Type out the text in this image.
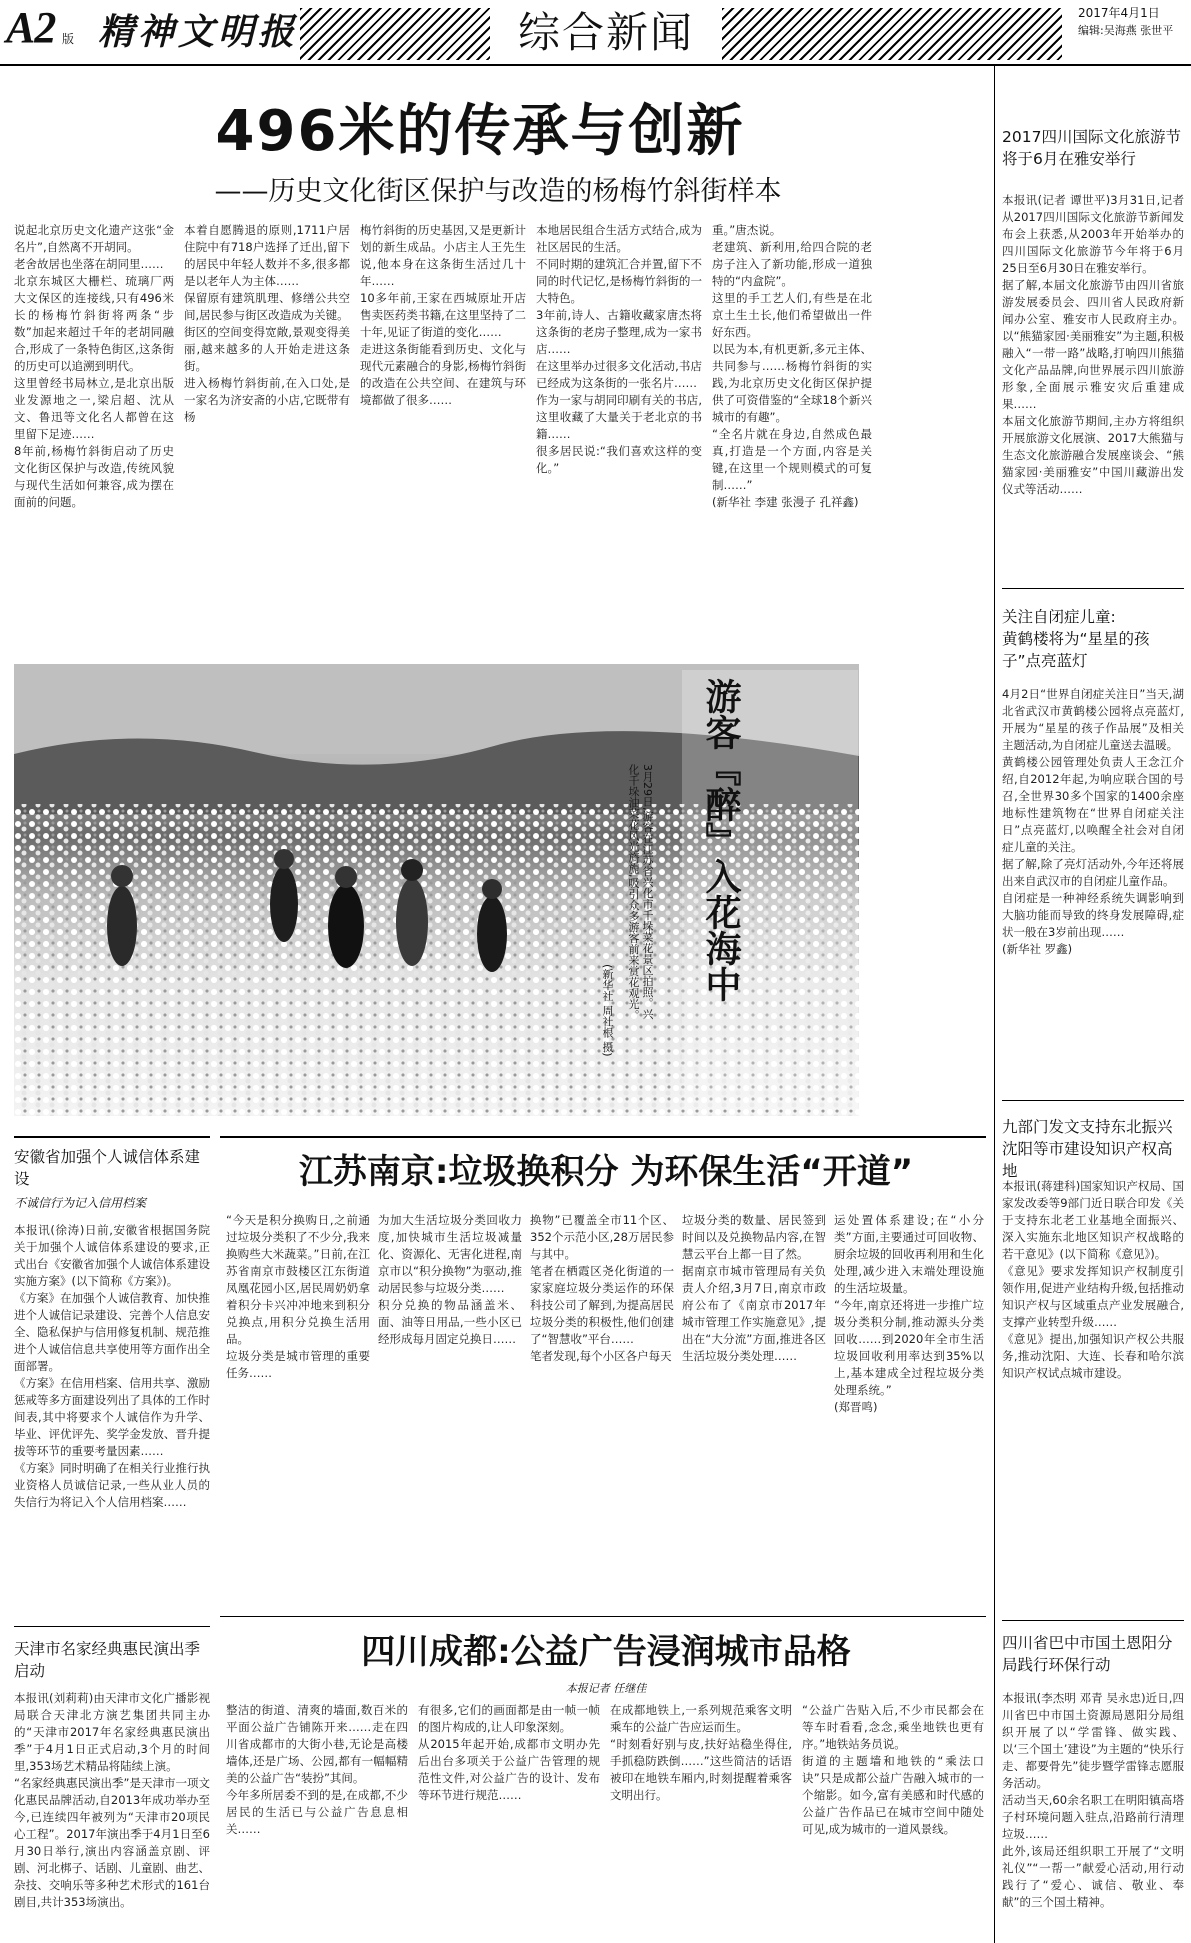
A2 版 精神文明报	综合新闻	2017年4月1日
编辑:吴海燕 张世平
496米的传承与创新
——历史文化街区保护与改造的杨梅竹斜街样本
说起北京历史文化遗产这张“金名片”,自然离不开胡同。
老舍故居也坐落在胡同里……
北京东城区大栅栏、琉璃厂两大文保区的连接线,只有496米长的杨梅竹斜街将两条“步数”加起来超过千年的老胡同融合,形成了一条特色街区,这条街的历史可以追溯到明代。
这里曾经书局林立,是北京出版业发源地之一,梁启超、沈从文、鲁迅等文化名人都曾在这里留下足迹……
8年前,杨梅竹斜街启动了历史文化街区保护与改造,传统风貌与现代生活如何兼容,成为摆在面前的问题。
本着自愿腾退的原则,1711户居住院中有718户选择了迁出,留下的居民中年轻人数并不多,很多都是以老年人为主体……
保留原有建筑肌理、修缮公共空间,居民参与街区改造成为关键。
街区的空间变得宽敞,景观变得美丽,越来越多的人开始走进这条街。
进入杨梅竹斜街前,在入口处,是一家名为济安斋的小店,它既带有杨
梅竹斜街的历史基因,又是更新计划的新生成品。小店主人王先生说,他本身在这条街生活过几十年……
10多年前,王家在西城原址开店售卖医药类书籍,在这里坚持了二十年,见证了街道的变化……
走进这条街能看到历史、文化与现代元素融合的身影,杨梅竹斜街的改造在公共空间、在建筑与环境都做了很多……
本地居民组合生活方式结合,成为社区居民的生活。
不同时期的建筑汇合并置,留下不同的时代记忆,是杨梅竹斜街的一大特色。
3年前,诗人、古籍收藏家唐杰将这条街的老房子整理,成为一家书店……
在这里举办过很多文化活动,书店已经成为这条街的一张名片……
作为一家与胡同印刷有关的书店,这里收藏了大量关于老北京的书籍……
很多居民说:“我们喜欢这样的变化。”
重。”唐杰说。
老建筑、新利用,给四合院的老房子注入了新功能,形成一道独特的“内盒院”。
这里的手工艺人们,有些是在北京土生土长,他们希望做出一件好东西。
以民为本,有机更新,多元主体、共同参与……杨梅竹斜街的实践,为北京历史文化街区保护提供了可资借鉴的“全球18个新兴城市的有趣”。
“全名片就在身边,自然成色最真,打造是一个方面,内容是关键,在这里一个规则模式的可复制……”
(新华社 李建 张漫子 孔祥鑫)
游客『醉』入花海中
3月29日,游客在江苏省兴化市千垛菜花景区拍照。兴化千垛油菜花风光旖旎,吸引众多游客前来赏花观光。
(新华社 周社根 摄)
2017四川国际文化旅游节将于6月在雅安举行
本报讯(记者 谭世平)3月31日,记者从2017四川国际文化旅游节新闻发布会上获悉,从2003年开始举办的四川国际文化旅游节今年将于6月25日至6月30日在雅安举行。
据了解,本届文化旅游节由四川省旅游发展委员会、四川省人民政府新闻办公室、雅安市人民政府主办。以“熊猫家园·美丽雅安”为主题,积极融入“一带一路”战略,打响四川熊猫文化产品品牌,向世界展示四川旅游形象,全面展示雅安灾后重建成果……
本届文化旅游节期间,主办方将组织开展旅游文化展演、2017大熊猫与生态文化旅游融合发展座谈会、“熊猫家园·美丽雅安”中国川藏游出发仪式等活动……
关注自闭症儿童:
黄鹤楼将为“星星的孩子”点亮蓝灯
4月2日“世界自闭症关注日”当天,湖北省武汉市黄鹤楼公园将点亮蓝灯,开展为“星星的孩子作品展”及相关主题活动,为自闭症儿童送去温暖。
黄鹤楼公园管理处负责人王念江介绍,自2012年起,为响应联合国的号召,全世界30多个国家的1400余座地标性建筑物在“世界自闭症关注日”点亮蓝灯,以唤醒全社会对自闭症儿童的关注。
据了解,除了亮灯活动外,今年还将展出来自武汉市的自闭症儿童作品。
自闭症是一种神经系统失调影响到大脑功能而导致的终身发展障碍,症状一般在3岁前出现……
(新华社 罗鑫)
九部门发文支持东北振兴沈阳等市建设知识产权高地
本报讯(蒋建科)国家知识产权局、国家发改委等9部门近日联合印发《关于支持东北老工业基地全面振兴、深入实施东北地区知识产权战略的若干意见》(以下简称《意见》)。
《意见》要求发挥知识产权制度引领作用,促进产业结构升级,包括推动知识产权与区域重点产业发展融合,支撑产业转型升级……
《意见》提出,加强知识产权公共服务,推动沈阳、大连、长春和哈尔滨知识产权试点城市建设。
四川省巴中市国土恩阳分局践行环保行动
本报讯(李杰明 邓青 吴永忠)近日,四川省巴中市国土资源局恩阳分局组织开展了以“学雷锋、做实践、以‘三个国土’建设”为主题的“快乐行走、都要骨先”徒步暨学雷锋志愿服务活动。
活动当天,60余名职工在明阳镇高塔子村环境问题入驻点,沿路前行清理垃圾……
此外,该局还组织职工开展了“文明礼仪”“一帮一”献爱心活动,用行动践行了“爱心、诚信、敬业、奉献”的三个国土精神。
安徽省加强个人诚信体系建设
不诚信行为记入信用档案
本报讯(徐涛)日前,安徽省根据国务院关于加强个人诚信体系建设的要求,正式出台《安徽省加强个人诚信体系建设实施方案》(以下简称《方案》)。
《方案》在加强个人诚信教育、加快推进个人诚信记录建设、完善个人信息安全、隐私保护与信用修复机制、规范推进个人诚信信息共享使用等方面作出全面部署。
《方案》在信用档案、信用共享、激励惩戒等多方面建设列出了具体的工作时间表,其中将要求个人诚信作为升学、毕业、评优评先、奖学金发放、晋升提拔等环节的重要考量因素……
《方案》同时明确了在相关行业推行执业资格人员诚信记录,一些从业人员的失信行为将记入个人信用档案……
天津市名家经典惠民演出季启动
本报讯(刘莉莉)由天津市文化广播影视局联合天津北方演艺集团共同主办的“天津市2017年名家经典惠民演出季”于4月1日正式启动,3个月的时间里,353场艺术精品将陆续上演。
“名家经典惠民演出季”是天津市一项文化惠民品牌活动,自2013年成功举办至今,已连续四年被列为“天津市20项民心工程”。2017年演出季于4月1日至6月30日举行,演出内容涵盖京剧、评剧、河北梆子、话剧、儿童剧、曲艺、杂技、交响乐等多种艺术形式的161台剧目,共计353场演出。
江苏南京:垃圾换积分 为环保生活“开道”
“今天是积分换购日,之前通过垃圾分类积了不少分,我来换购些大米蔬菜。”日前,在江苏省南京市鼓楼区江东街道凤凰花园小区,居民周奶奶拿着积分卡兴冲冲地来到积分兑换点,用积分兑换生活用品。
垃圾分类是城市管理的重要任务……
为加大生活垃圾分类回收力度,加快城市生活垃圾减量化、资源化、无害化进程,南京市以“积分换物”为驱动,推动居民参与垃圾分类……
积分兑换的物品涵盖米、面、油等日用品,一些小区已经形成每月固定兑换日……
换物”已覆盖全市11个区、352个示范小区,28万居民参与其中。
笔者在栖霞区尧化街道的一家家庭垃圾分类运作的环保科技公司了解到,为提高居民垃圾分类的积极性,他们创建了“智慧收”平台……
笔者发现,每个小区各户每天
垃圾分类的数量、居民签到时间以及兑换物品内容,在智慧云平台上都一目了然。
据南京市城市管理局有关负责人介绍,3月7日,南京市政府公布了《南京市2017年城市管理工作实施意见》,提出在“大分流”方面,推进各区生活垃圾分类处理……
运处置体系建设;在“小分类”方面,主要通过可回收物、厨余垃圾的回收再利用和生化处理,减少进入末端处理设施的生活垃圾量。
“今年,南京还将进一步推广垃圾分类积分制,推动源头分类回收……到2020年全市生活垃圾回收利用率达到35%以上,基本建成全过程垃圾分类处理系统。”
(郑晋鸣)
四川成都:公益广告浸润城市品格
本报记者 任继佳
整洁的街道、清爽的墙面,数百米的平面公益广告铺陈开来……走在四川省成都市的大街小巷,无论是高楼墙体,还是广场、公园,都有一幅幅精美的公益广告“装扮”其间。
今年多所居委不到的是,在成都,不少居民的生活已与公益广告息息相关……
有很多,它们的画面都是由一帧一帧的图片构成的,让人印象深刻。
从2015年起开始,成都市文明办先后出台多项关于公益广告管理的规范性文件,对公益广告的设计、发布等环节进行规范……
在成都地铁上,一系列规范乘客文明乘车的公益广告应运而生。
“时刻看好别与皮,扶好站稳坐得住,手抓稳防跌倒……”这些简洁的话语被印在地铁车厢内,时刻提醒着乘客文明出行。
“公益广告贴入后,不少市民都会在等车时看看,念念,乘坐地铁也更有序。”地铁站务员说。
街道的主题墙和地铁的“乘法口诀”只是成都公益广告融入城市的一个缩影。如今,富有美感和时代感的公益广告作品已在城市空间中随处可见,成为城市的一道风景线。
